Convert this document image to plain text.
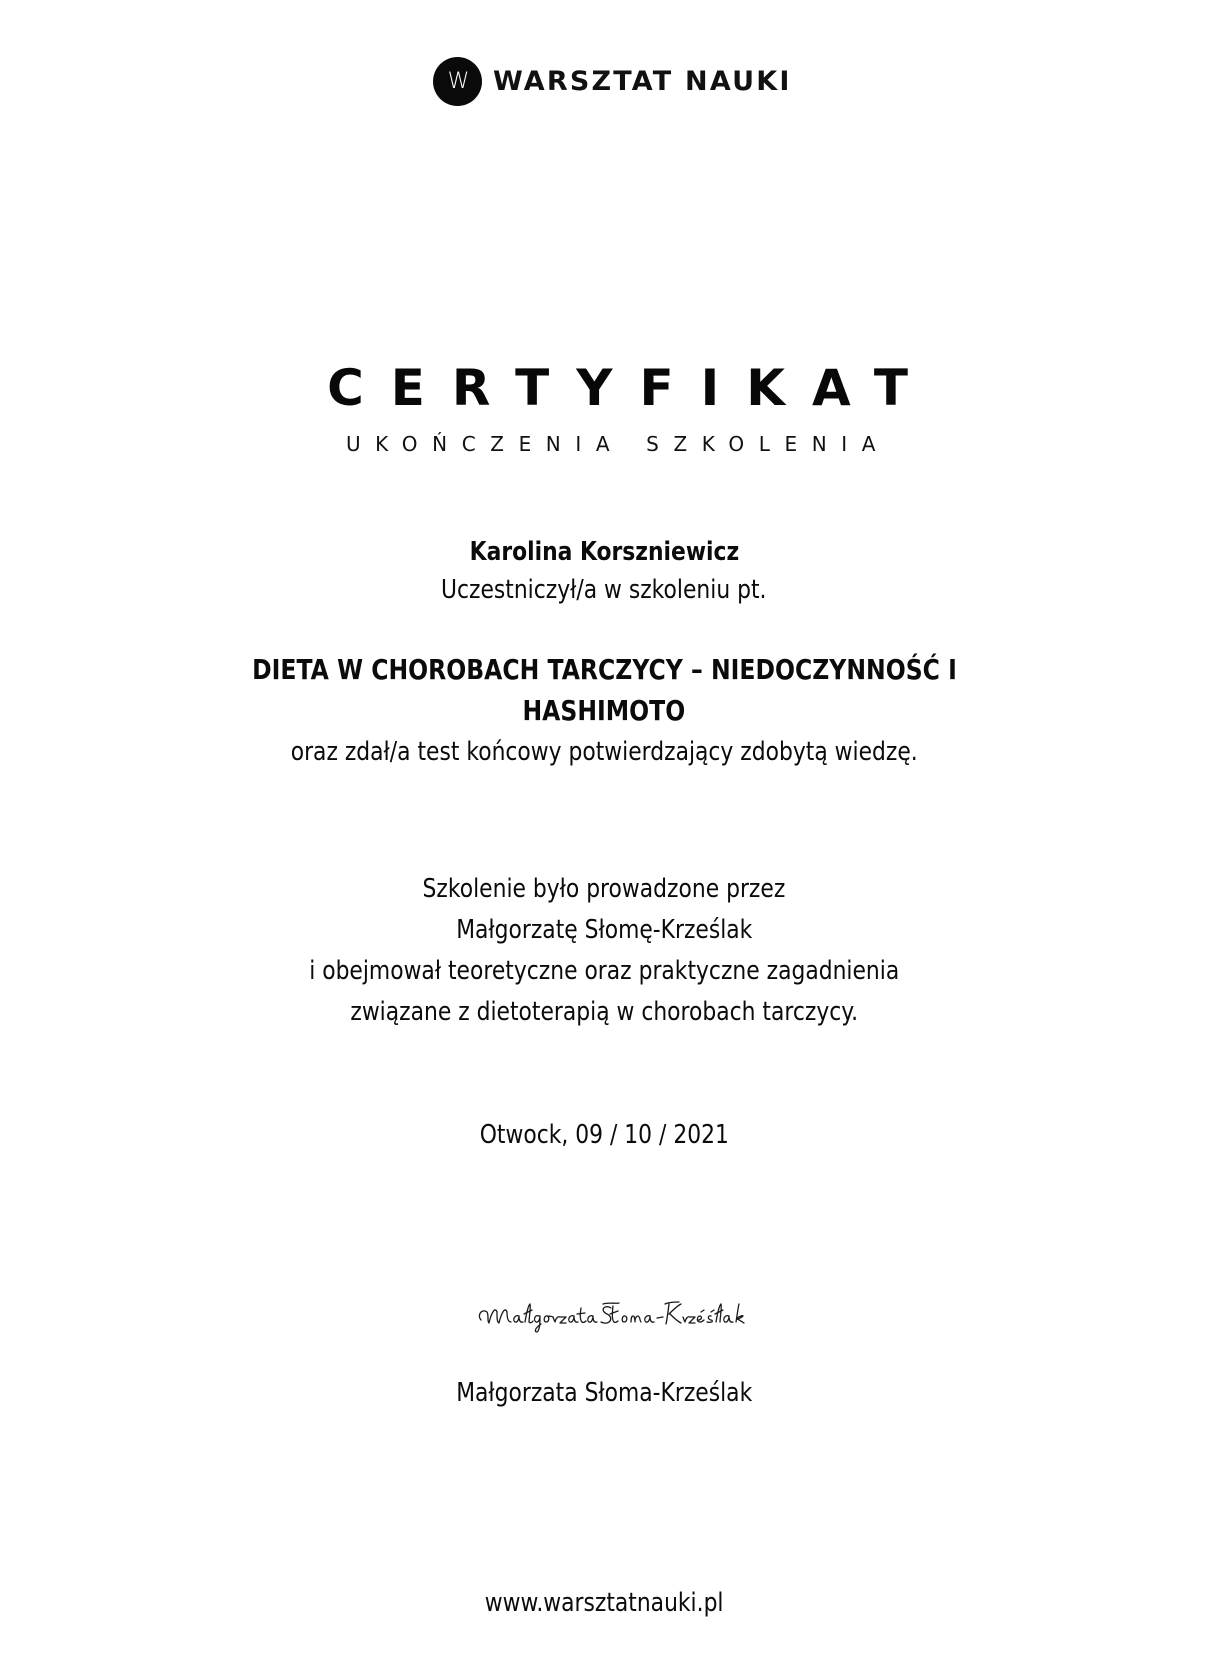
W WARSZTAT NAUKI
CERTYFIKAT
UKOŃCZENIA SZKOLENIA
Karolina Korszniewicz
Uczestniczył/a w szkoleniu pt.
DIETA W CHOROBACH TARCZYCY – NIEDOCZYNNOŚĆ I
HASHIMOTO
oraz zdał/a test końcowy potwierdzający zdobytą wiedzę.
Szkolenie było prowadzone przez
Małgorzatę Słomę-Krześlak
i obejmował teoretyczne oraz praktyczne zagadnienia
związane z dietoterapią w chorobach tarczycy.
Otwock, 09 / 10 / 2021
Małgorzata Słoma-Krześlak
www.warsztatnauki.pl
